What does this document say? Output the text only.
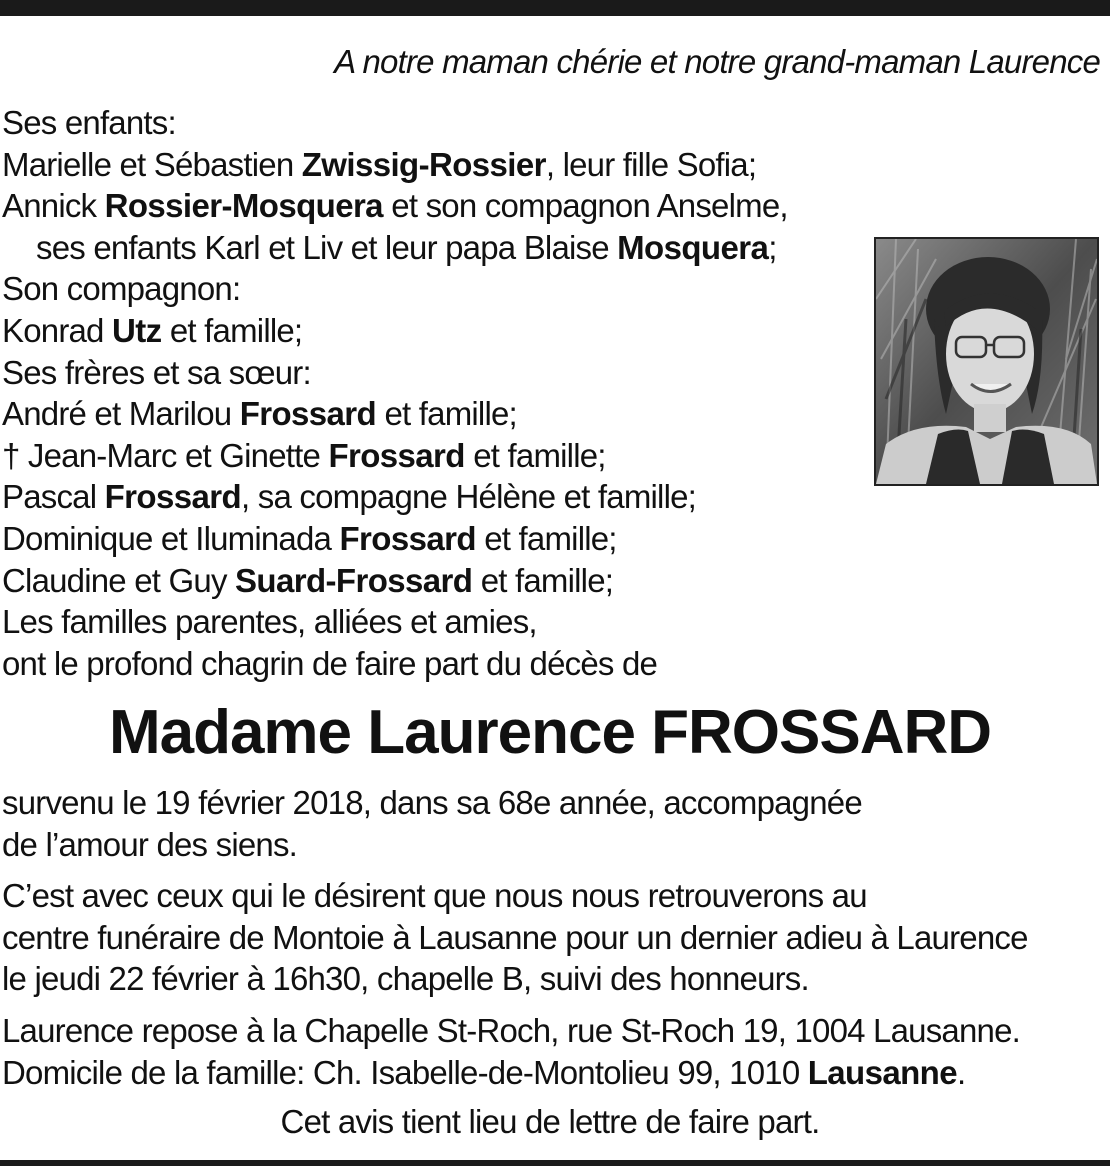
A notre maman chérie et notre grand-maman Laurence
Ses enfants:
Marielle et Sébastien Zwissig-Rossier, leur fille Sofia;
Annick Rossier-Mosquera et son compagnon Anselme,
ses enfants Karl et Liv et leur papa Blaise Mosquera;
Son compagnon:
Konrad Utz et famille;
Ses frères et sa sœur:
André et Marilou Frossard et famille;
† Jean-Marc et Ginette Frossard et famille;
Pascal Frossard, sa compagne Hélène et famille;
Dominique et Iluminada Frossard et famille;
Claudine et Guy Suard-Frossard et famille;
Les familles parentes, alliées et amies,
ont le profond chagrin de faire part du décès de
Madame Laurence FROSSARD

survenu le 19 février 2018, dans sa 68e année, accompagnée

de l’amour des siens.

C’est avec ceux qui le désirent que nous nous retrouverons au

centre funéraire de Montoie à Lausanne pour un dernier adieu à Laurence

le jeudi 22 février à 16h30, chapelle B, suivi des honneurs.

Laurence repose à la Chapelle St-Roch, rue St-Roch 19, 1004 Lausanne.

Domicile de la famille: Ch. Isabelle-de-Montolieu 99, 1010 Lausanne.

Cet avis tient lieu de lettre de faire part.
